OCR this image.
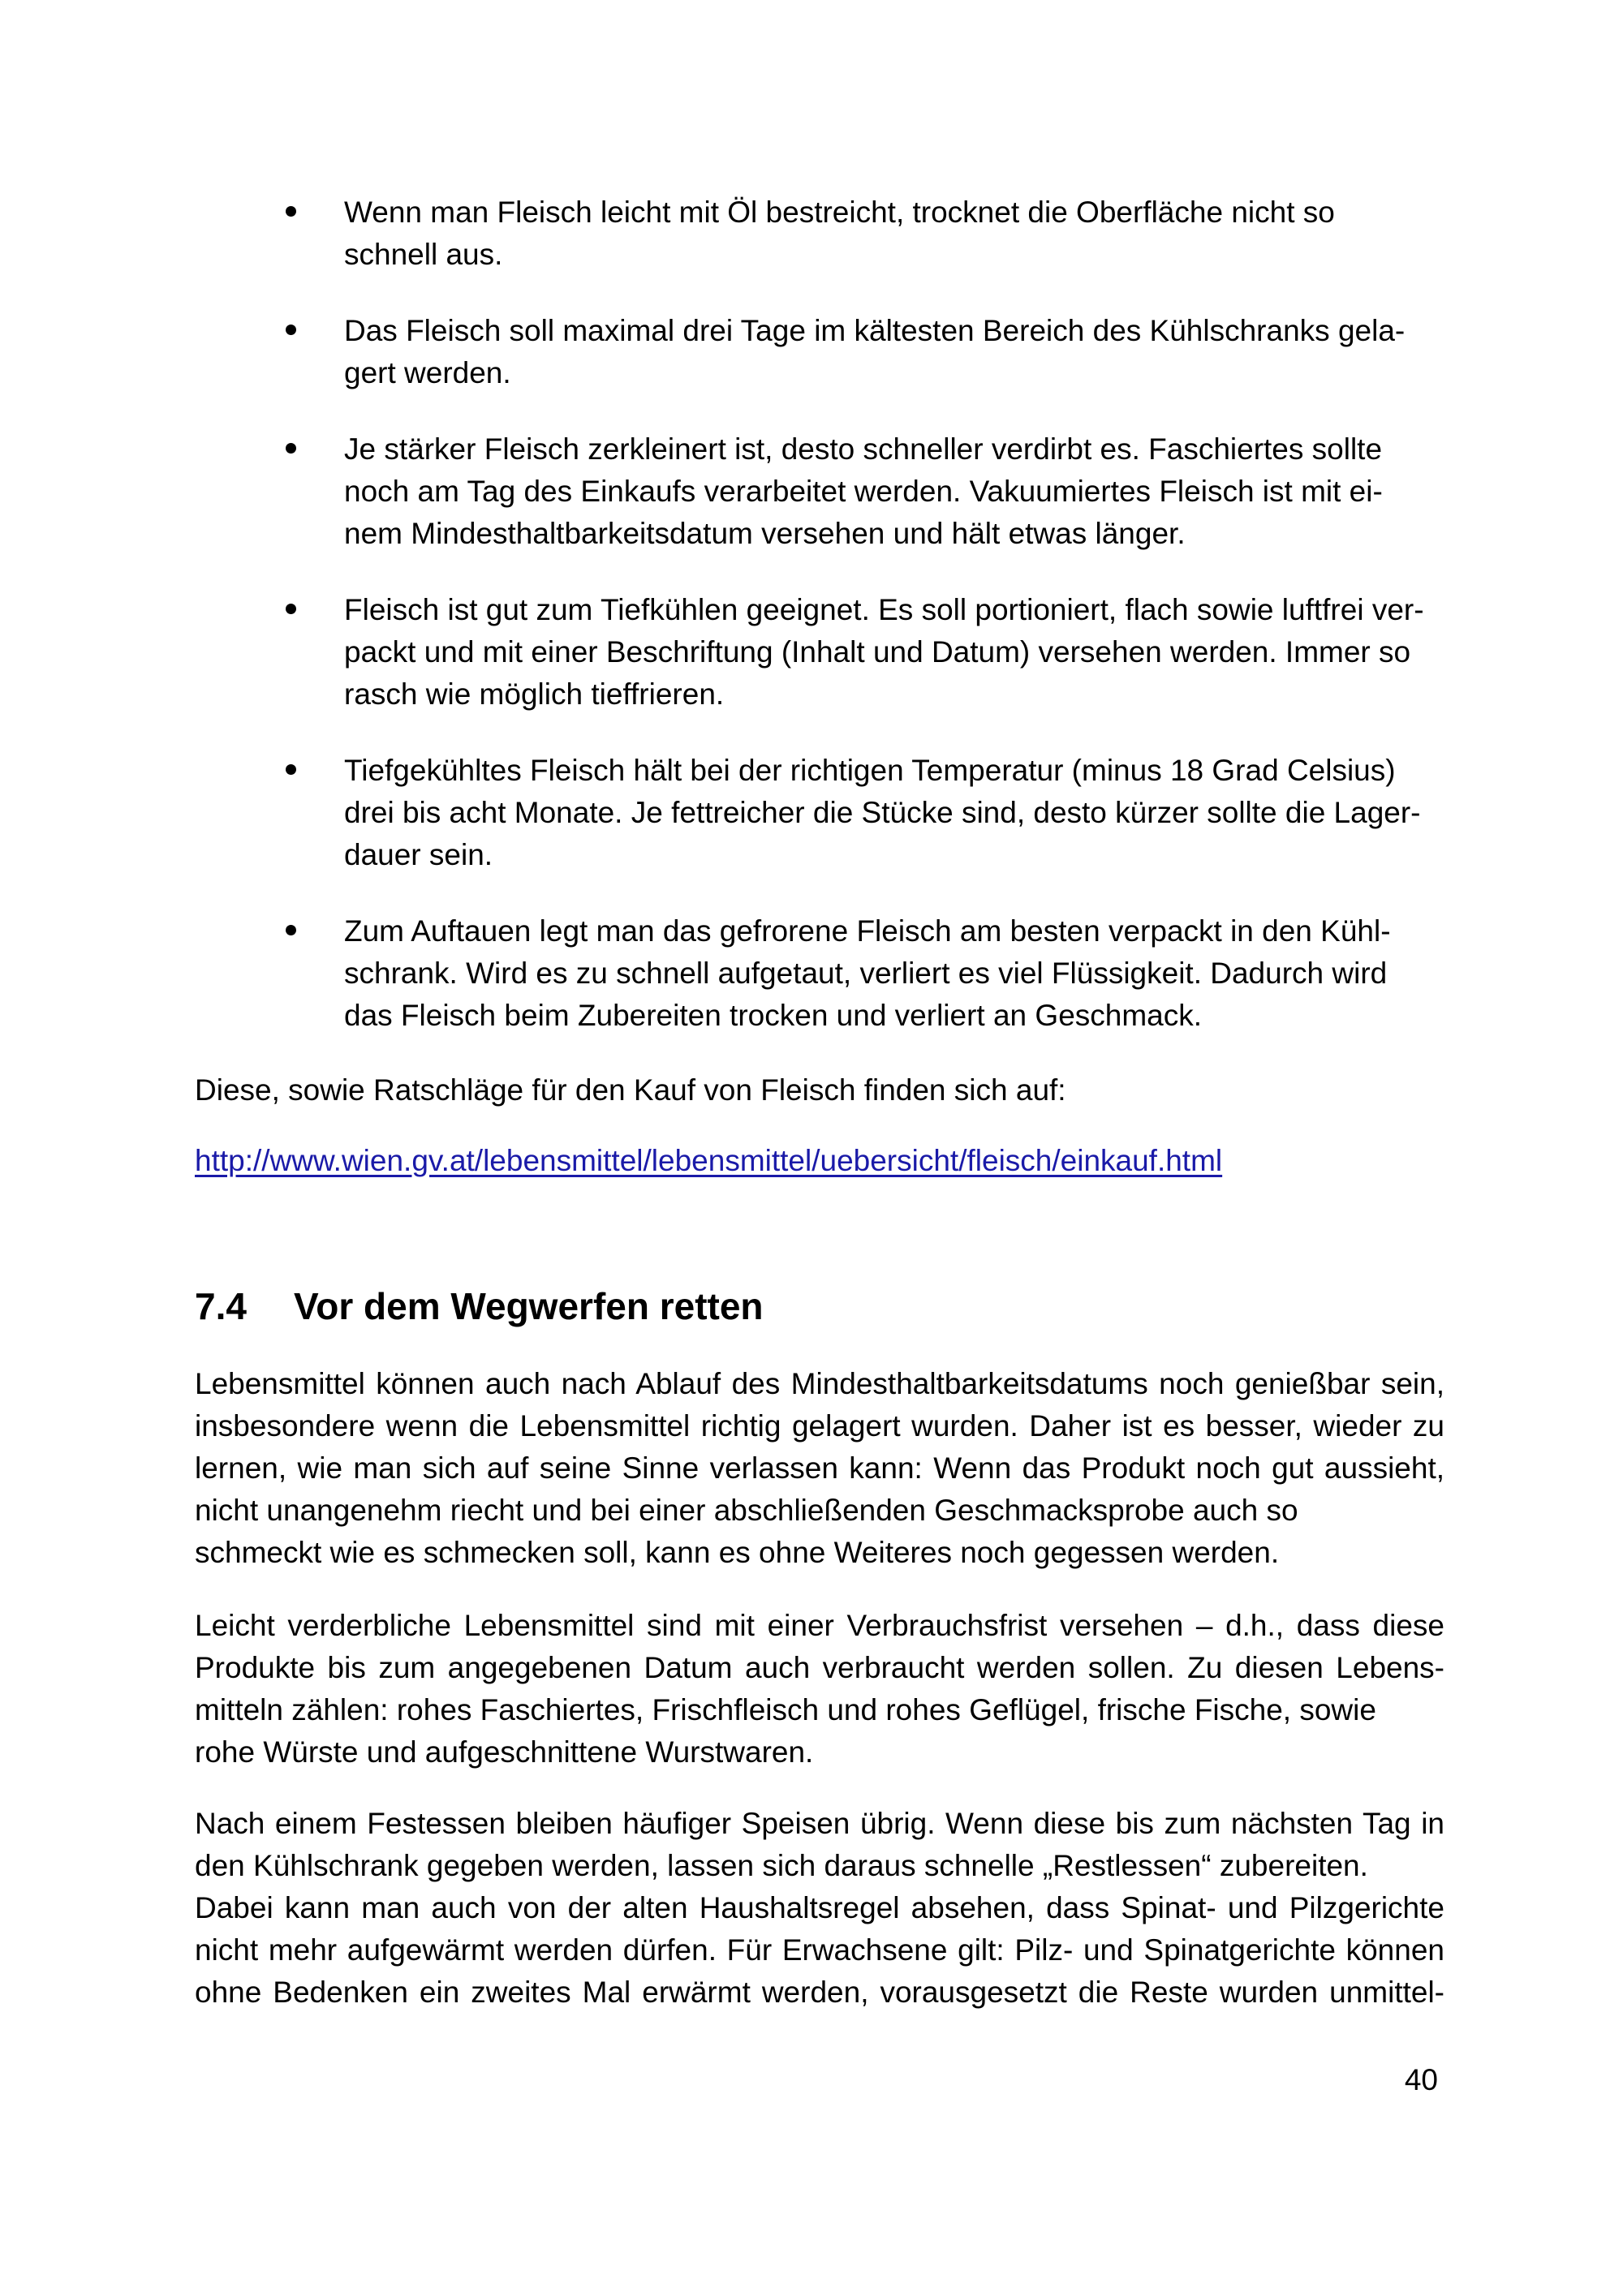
Wenn man Fleisch leicht mit Öl bestreicht, trocknet die Oberfläche nicht so
schnell aus.
Das Fleisch soll maximal drei Tage im kältesten Bereich des Kühlschranks gela-
gert werden.
Je stärker Fleisch zerkleinert ist, desto schneller verdirbt es. Faschiertes sollte
noch am Tag des Einkaufs verarbeitet werden. Vakuumiertes Fleisch ist mit ei-
nem Mindesthaltbarkeitsdatum versehen und hält etwas länger.
Fleisch ist gut zum Tiefkühlen geeignet. Es soll portioniert, flach sowie luftfrei ver-
packt und mit einer Beschriftung (Inhalt und Datum) versehen werden. Immer so
rasch wie möglich tieffrieren.
Tiefgekühltes Fleisch hält bei der richtigen Temperatur (minus 18 Grad Celsius)
drei bis acht Monate. Je fettreicher die Stücke sind, desto kürzer sollte die Lager-
dauer sein.
Zum Auftauen legt man das gefrorene Fleisch am besten verpackt in den Kühl-
schrank. Wird es zu schnell aufgetaut, verliert es viel Flüssigkeit. Dadurch wird
das Fleisch beim Zubereiten trocken und verliert an Geschmack.

Diese, sowie Ratschläge für den Kauf von Fleisch finden sich auf:

http://www.wien.gv.at/lebensmittel/lebensmittel/uebersicht/fleisch/einkauf.html
7.4 Vor dem Wegwerfen retten
Lebensmittel können auch nach Ablauf des Mindesthaltbarkeitsdatums noch genießbar sein,
insbesondere wenn die Lebensmittel richtig gelagert wurden. Daher ist es besser, wieder zu
lernen, wie man sich auf seine Sinne verlassen kann: Wenn das Produkt noch gut aussieht,
nicht unangenehm riecht und bei einer abschließenden Geschmacksprobe auch so
schmeckt wie es schmecken soll, kann es ohne Weiteres noch gegessen werden.
Leicht verderbliche Lebensmittel sind mit einer Verbrauchsfrist versehen – d.h., dass diese
Produkte bis zum angegebenen Datum auch verbraucht werden sollen. Zu diesen Lebens-
mitteln zählen: rohes Faschiertes, Frischfleisch und rohes Geflügel, frische Fische, sowie
rohe Würste und aufgeschnittene Wurstwaren.
Nach einem Festessen bleiben häufiger Speisen übrig. Wenn diese bis zum nächsten Tag in
den Kühlschrank gegeben werden, lassen sich daraus schnelle „Restlessen“ zubereiten.
Dabei kann man auch von der alten Haushaltsregel absehen, dass Spinat- und Pilzgerichte
nicht mehr aufgewärmt werden dürfen. Für Erwachsene gilt: Pilz- und Spinatgerichte können
ohne Bedenken ein zweites Mal erwärmt werden, vorausgesetzt die Reste wurden unmittel-
40
